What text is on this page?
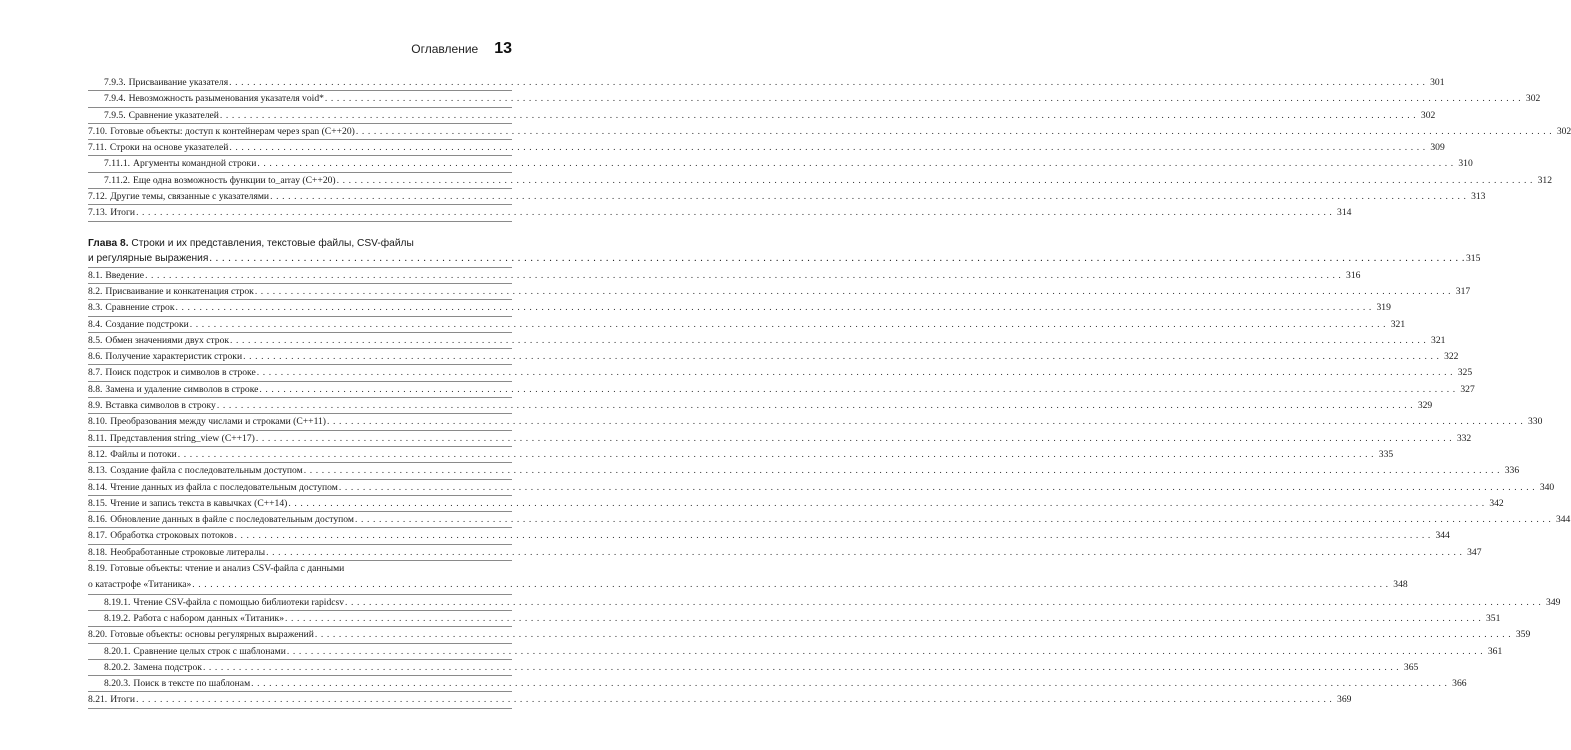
Оглавление 13
7.9.3. Присваивание указателя . . . . . . . . . . . . . . . . . . . . . . . . . . . . . . . . . . . . . . . . . . . . . . . . . . . . . . . . . . . . . . . . . . . . . . . . . . . . . . . . . . . . . . . . . . . . . . . . . . . . . . . . . . . . . . . . . . . . . . . . . . . . . . . . . . . . . . . . . . . . . . . . . . . . . . . . . . . . . . . . . . . . . . . . . . . . . . . . . . . . . . . . . . . . . . . . . . . . . . . . 301
7.9.4. Невозможность разыменования указателя void* . . . . . . . . . . . . . . . . . . . . . . . . . . . . . . . . . . . . . . . . . . . . . . . . . . . . . . . . . . . . . . . . . . . . . . . . . . . . . . . . . . . . . . . . . . . . . . . . . . . . . . . . . . . . . . . . . . . . . . . . . . . . . . . . . . . . . . . . . . . . . . . . . . . . . . . . . . . . . . . . . . . . . . . . . . . . . . . . . . . . . . . . . . . . . . . . . . . . . . . . 302
7.9.5. Сравнение указателей . . . . . . . . . . . . . . . . . . . . . . . . . . . . . . . . . . . . . . . . . . . . . . . . . . . . . . . . . . . . . . . . . . . . . . . . . . . . . . . . . . . . . . . . . . . . . . . . . . . . . . . . . . . . . . . . . . . . . . . . . . . . . . . . . . . . . . . . . . . . . . . . . . . . . . . . . . . . . . . . . . . . . . . . . . . . . . . . . . . . . . . . . . . . . . . . . . . . . . . . 302
7.10. Готовые объекты: доступ к контейнерам через span (C++20) . . . . . . . . . . . . . . . . . . . . . . . . . . . . . . . . . . . . . . . . . . . . . . . . . . . . . . . . . . . . . . . . . . . . . . . . . . . . . . . . . . . . . . . . . . . . . . . . . . . . . . . . . . . . . . . . . . . . . . . . . . . . . . . . . . . . . . . . . . . . . . . . . . . . . . . . . . . . . . . . . . . . . . . . . . . . . . . . . . . . . . . . . . . . . . . . . . . . . . . . 302
7.11. Строки на основе указателей . . . . . . . . . . . . . . . . . . . . . . . . . . . . . . . . . . . . . . . . . . . . . . . . . . . . . . . . . . . . . . . . . . . . . . . . . . . . . . . . . . . . . . . . . . . . . . . . . . . . . . . . . . . . . . . . . . . . . . . . . . . . . . . . . . . . . . . . . . . . . . . . . . . . . . . . . . . . . . . . . . . . . . . . . . . . . . . . . . . . . . . . . . . . . . . . . . . . . . . . 309
7.11.1. Аргументы командной строки . . . . . . . . . . . . . . . . . . . . . . . . . . . . . . . . . . . . . . . . . . . . . . . . . . . . . . . . . . . . . . . . . . . . . . . . . . . . . . . . . . . . . . . . . . . . . . . . . . . . . . . . . . . . . . . . . . . . . . . . . . . . . . . . . . . . . . . . . . . . . . . . . . . . . . . . . . . . . . . . . . . . . . . . . . . . . . . . . . . . . . . . . . . . . . . . . . . . . . . . 310
7.11.2. Еще одна возможность функции to_array (C++20) . . . . . . . . . . . . . . . . . . . . . . . . . . . . . . . . . . . . . . . . . . . . . . . . . . . . . . . . . . . . . . . . . . . . . . . . . . . . . . . . . . . . . . . . . . . . . . . . . . . . . . . . . . . . . . . . . . . . . . . . . . . . . . . . . . . . . . . . . . . . . . . . . . . . . . . . . . . . . . . . . . . . . . . . . . . . . . . . . . . . . . . . . . . . . . . . . . . . . . . . 312
7.12. Другие темы, связанные с указателями . . . . . . . . . . . . . . . . . . . . . . . . . . . . . . . . . . . . . . . . . . . . . . . . . . . . . . . . . . . . . . . . . . . . . . . . . . . . . . . . . . . . . . . . . . . . . . . . . . . . . . . . . . . . . . . . . . . . . . . . . . . . . . . . . . . . . . . . . . . . . . . . . . . . . . . . . . . . . . . . . . . . . . . . . . . . . . . . . . . . . . . . . . . . . . . . . . . . . . . . 313
7.13. Итоги . . . . . . . . . . . . . . . . . . . . . . . . . . . . . . . . . . . . . . . . . . . . . . . . . . . . . . . . . . . . . . . . . . . . . . . . . . . . . . . . . . . . . . . . . . . . . . . . . . . . . . . . . . . . . . . . . . . . . . . . . . . . . . . . . . . . . . . . . . . . . . . . . . . . . . . . . . . . . . . . . . . . . . . . . . . . . . . . . . . . . . . . . . . . . . . . . . . . . . . . 314
Глава 8. Строки и их представления, текстовые файлы, CSV-файлы
и регулярные выражения . . . . . . . . . . . . . . . . . . . . . . . . . . . . . . . . . . . . . . . . . . . . . . . . . . . . . . . . . . . . . . . . . . . . . . . . . . . . . . . . . . . . . . . . . . . . . . . . . . . . . . . . . . . . . . . . . . . . . . . . . . . . . . . . . . . . . . . . . . . . . . . . . . . . . . . . . . . . . . . . . . . . . . . . . . . . . . . . . . . . . . . . . . . . . . . . . . . . . . . . 315
8.1. Введение . . . . . . . . . . . . . . . . . . . . . . . . . . . . . . . . . . . . . . . . . . . . . . . . . . . . . . . . . . . . . . . . . . . . . . . . . . . . . . . . . . . . . . . . . . . . . . . . . . . . . . . . . . . . . . . . . . . . . . . . . . . . . . . . . . . . . . . . . . . . . . . . . . . . . . . . . . . . . . . . . . . . . . . . . . . . . . . . . . . . . . . . . . . . . . . . . . . . . . . . 316
8.2. Присваивание и конкатенация строк . . . . . . . . . . . . . . . . . . . . . . . . . . . . . . . . . . . . . . . . . . . . . . . . . . . . . . . . . . . . . . . . . . . . . . . . . . . . . . . . . . . . . . . . . . . . . . . . . . . . . . . . . . . . . . . . . . . . . . . . . . . . . . . . . . . . . . . . . . . . . . . . . . . . . . . . . . . . . . . . . . . . . . . . . . . . . . . . . . . . . . . . . . . . . . . . . . . . . . . . 317
8.3. Сравнение строк . . . . . . . . . . . . . . . . . . . . . . . . . . . . . . . . . . . . . . . . . . . . . . . . . . . . . . . . . . . . . . . . . . . . . . . . . . . . . . . . . . . . . . . . . . . . . . . . . . . . . . . . . . . . . . . . . . . . . . . . . . . . . . . . . . . . . . . . . . . . . . . . . . . . . . . . . . . . . . . . . . . . . . . . . . . . . . . . . . . . . . . . . . . . . . . . . . . . . . . . 319
8.4. Создание подстроки . . . . . . . . . . . . . . . . . . . . . . . . . . . . . . . . . . . . . . . . . . . . . . . . . . . . . . . . . . . . . . . . . . . . . . . . . . . . . . . . . . . . . . . . . . . . . . . . . . . . . . . . . . . . . . . . . . . . . . . . . . . . . . . . . . . . . . . . . . . . . . . . . . . . . . . . . . . . . . . . . . . . . . . . . . . . . . . . . . . . . . . . . . . . . . . . . . . . . . . . 321
8.5. Обмен значениями двух строк . . . . . . . . . . . . . . . . . . . . . . . . . . . . . . . . . . . . . . . . . . . . . . . . . . . . . . . . . . . . . . . . . . . . . . . . . . . . . . . . . . . . . . . . . . . . . . . . . . . . . . . . . . . . . . . . . . . . . . . . . . . . . . . . . . . . . . . . . . . . . . . . . . . . . . . . . . . . . . . . . . . . . . . . . . . . . . . . . . . . . . . . . . . . . . . . . . . . . . . . 321
8.6. Получение характеристик строки . . . . . . . . . . . . . . . . . . . . . . . . . . . . . . . . . . . . . . . . . . . . . . . . . . . . . . . . . . . . . . . . . . . . . . . . . . . . . . . . . . . . . . . . . . . . . . . . . . . . . . . . . . . . . . . . . . . . . . . . . . . . . . . . . . . . . . . . . . . . . . . . . . . . . . . . . . . . . . . . . . . . . . . . . . . . . . . . . . . . . . . . . . . . . . . . . . . . . . . . 322
8.7. Поиск подстрок и символов в строке . . . . . . . . . . . . . . . . . . . . . . . . . . . . . . . . . . . . . . . . . . . . . . . . . . . . . . . . . . . . . . . . . . . . . . . . . . . . . . . . . . . . . . . . . . . . . . . . . . . . . . . . . . . . . . . . . . . . . . . . . . . . . . . . . . . . . . . . . . . . . . . . . . . . . . . . . . . . . . . . . . . . . . . . . . . . . . . . . . . . . . . . . . . . . . . . . . . . . . . . 325
8.8. Замена и удаление символов в строке . . . . . . . . . . . . . . . . . . . . . . . . . . . . . . . . . . . . . . . . . . . . . . . . . . . . . . . . . . . . . . . . . . . . . . . . . . . . . . . . . . . . . . . . . . . . . . . . . . . . . . . . . . . . . . . . . . . . . . . . . . . . . . . . . . . . . . . . . . . . . . . . . . . . . . . . . . . . . . . . . . . . . . . . . . . . . . . . . . . . . . . . . . . . . . . . . . . . . . . . 327
8.9. Вставка символов в строку . . . . . . . . . . . . . . . . . . . . . . . . . . . . . . . . . . . . . . . . . . . . . . . . . . . . . . . . . . . . . . . . . . . . . . . . . . . . . . . . . . . . . . . . . . . . . . . . . . . . . . . . . . . . . . . . . . . . . . . . . . . . . . . . . . . . . . . . . . . . . . . . . . . . . . . . . . . . . . . . . . . . . . . . . . . . . . . . . . . . . . . . . . . . . . . . . . . . . . . . 329
8.10. Преобразования между числами и строками (C++11) . . . . . . . . . . . . . . . . . . . . . . . . . . . . . . . . . . . . . . . . . . . . . . . . . . . . . . . . . . . . . . . . . . . . . . . . . . . . . . . . . . . . . . . . . . . . . . . . . . . . . . . . . . . . . . . . . . . . . . . . . . . . . . . . . . . . . . . . . . . . . . . . . . . . . . . . . . . . . . . . . . . . . . . . . . . . . . . . . . . . . . . . . . . . . . . . . . . . . . . . 330
8.11. Представления string_view (C++17) . . . . . . . . . . . . . . . . . . . . . . . . . . . . . . . . . . . . . . . . . . . . . . . . . . . . . . . . . . . . . . . . . . . . . . . . . . . . . . . . . . . . . . . . . . . . . . . . . . . . . . . . . . . . . . . . . . . . . . . . . . . . . . . . . . . . . . . . . . . . . . . . . . . . . . . . . . . . . . . . . . . . . . . . . . . . . . . . . . . . . . . . . . . . . . . . . . . . . . . . 332
8.12. Файлы и потоки . . . . . . . . . . . . . . . . . . . . . . . . . . . . . . . . . . . . . . . . . . . . . . . . . . . . . . . . . . . . . . . . . . . . . . . . . . . . . . . . . . . . . . . . . . . . . . . . . . . . . . . . . . . . . . . . . . . . . . . . . . . . . . . . . . . . . . . . . . . . . . . . . . . . . . . . . . . . . . . . . . . . . . . . . . . . . . . . . . . . . . . . . . . . . . . . . . . . . . . . 335
8.13. Создание файла с последовательным доступом . . . . . . . . . . . . . . . . . . . . . . . . . . . . . . . . . . . . . . . . . . . . . . . . . . . . . . . . . . . . . . . . . . . . . . . . . . . . . . . . . . . . . . . . . . . . . . . . . . . . . . . . . . . . . . . . . . . . . . . . . . . . . . . . . . . . . . . . . . . . . . . . . . . . . . . . . . . . . . . . . . . . . . . . . . . . . . . . . . . . . . . . . . . . . . . . . . . . . . . . 336
8.14. Чтение данных из файла с последовательным доступом . . . . . . . . . . . . . . . . . . . . . . . . . . . . . . . . . . . . . . . . . . . . . . . . . . . . . . . . . . . . . . . . . . . . . . . . . . . . . . . . . . . . . . . . . . . . . . . . . . . . . . . . . . . . . . . . . . . . . . . . . . . . . . . . . . . . . . . . . . . . . . . . . . . . . . . . . . . . . . . . . . . . . . . . . . . . . . . . . . . . . . . . . . . . . . . . . . . . . . . . 340
8.15. Чтение и запись текста в кавычках (C++14) . . . . . . . . . . . . . . . . . . . . . . . . . . . . . . . . . . . . . . . . . . . . . . . . . . . . . . . . . . . . . . . . . . . . . . . . . . . . . . . . . . . . . . . . . . . . . . . . . . . . . . . . . . . . . . . . . . . . . . . . . . . . . . . . . . . . . . . . . . . . . . . . . . . . . . . . . . . . . . . . . . . . . . . . . . . . . . . . . . . . . . . . . . . . . . . . . . . . . . . . 342
8.16. Обновление данных в файле с последовательным доступом . . . . . . . . . . . . . . . . . . . . . . . . . . . . . . . . . . . . . . . . . . . . . . . . . . . . . . . . . . . . . . . . . . . . . . . . . . . . . . . . . . . . . . . . . . . . . . . . . . . . . . . . . . . . . . . . . . . . . . . . . . . . . . . . . . . . . . . . . . . . . . . . . . . . . . . . . . . . . . . . . . . . . . . . . . . . . . . . . . . . . . . . . . . . . . . . . . . . . . . . 344
8.17. Обработка строковых потоков . . . . . . . . . . . . . . . . . . . . . . . . . . . . . . . . . . . . . . . . . . . . . . . . . . . . . . . . . . . . . . . . . . . . . . . . . . . . . . . . . . . . . . . . . . . . . . . . . . . . . . . . . . . . . . . . . . . . . . . . . . . . . . . . . . . . . . . . . . . . . . . . . . . . . . . . . . . . . . . . . . . . . . . . . . . . . . . . . . . . . . . . . . . . . . . . . . . . . . . . 344
8.18. Необработанные строковые литералы . . . . . . . . . . . . . . . . . . . . . . . . . . . . . . . . . . . . . . . . . . . . . . . . . . . . . . . . . . . . . . . . . . . . . . . . . . . . . . . . . . . . . . . . . . . . . . . . . . . . . . . . . . . . . . . . . . . . . . . . . . . . . . . . . . . . . . . . . . . . . . . . . . . . . . . . . . . . . . . . . . . . . . . . . . . . . . . . . . . . . . . . . . . . . . . . . . . . . . . . 347
8.19. Готовые объекты: чтение и анализ CSV-файла с данными
о катастрофе «Титаника» . . . . . . . . . . . . . . . . . . . . . . . . . . . . . . . . . . . . . . . . . . . . . . . . . . . . . . . . . . . . . . . . . . . . . . . . . . . . . . . . . . . . . . . . . . . . . . . . . . . . . . . . . . . . . . . . . . . . . . . . . . . . . . . . . . . . . . . . . . . . . . . . . . . . . . . . . . . . . . . . . . . . . . . . . . . . . . . . . . . . . . . . . . . . . . . . . . . . . . . . 348
8.19.1. Чтение CSV-файла с помощью библиотеки rapidcsv . . . . . . . . . . . . . . . . . . . . . . . . . . . . . . . . . . . . . . . . . . . . . . . . . . . . . . . . . . . . . . . . . . . . . . . . . . . . . . . . . . . . . . . . . . . . . . . . . . . . . . . . . . . . . . . . . . . . . . . . . . . . . . . . . . . . . . . . . . . . . . . . . . . . . . . . . . . . . . . . . . . . . . . . . . . . . . . . . . . . . . . . . . . . . . . . . . . . . . . . 349
8.19.2. Работа с набором данных «Титаник» . . . . . . . . . . . . . . . . . . . . . . . . . . . . . . . . . . . . . . . . . . . . . . . . . . . . . . . . . . . . . . . . . . . . . . . . . . . . . . . . . . . . . . . . . . . . . . . . . . . . . . . . . . . . . . . . . . . . . . . . . . . . . . . . . . . . . . . . . . . . . . . . . . . . . . . . . . . . . . . . . . . . . . . . . . . . . . . . . . . . . . . . . . . . . . . . . . . . . . . . 351
8.20. Готовые объекты: основы регулярных выражений . . . . . . . . . . . . . . . . . . . . . . . . . . . . . . . . . . . . . . . . . . . . . . . . . . . . . . . . . . . . . . . . . . . . . . . . . . . . . . . . . . . . . . . . . . . . . . . . . . . . . . . . . . . . . . . . . . . . . . . . . . . . . . . . . . . . . . . . . . . . . . . . . . . . . . . . . . . . . . . . . . . . . . . . . . . . . . . . . . . . . . . . . . . . . . . . . . . . . . . . 359
8.20.1. Сравнение целых строк с шаблонами . . . . . . . . . . . . . . . . . . . . . . . . . . . . . . . . . . . . . . . . . . . . . . . . . . . . . . . . . . . . . . . . . . . . . . . . . . . . . . . . . . . . . . . . . . . . . . . . . . . . . . . . . . . . . . . . . . . . . . . . . . . . . . . . . . . . . . . . . . . . . . . . . . . . . . . . . . . . . . . . . . . . . . . . . . . . . . . . . . . . . . . . . . . . . . . . . . . . . . . . 361
8.20.2. Замена подстрок . . . . . . . . . . . . . . . . . . . . . . . . . . . . . . . . . . . . . . . . . . . . . . . . . . . . . . . . . . . . . . . . . . . . . . . . . . . . . . . . . . . . . . . . . . . . . . . . . . . . . . . . . . . . . . . . . . . . . . . . . . . . . . . . . . . . . . . . . . . . . . . . . . . . . . . . . . . . . . . . . . . . . . . . . . . . . . . . . . . . . . . . . . . . . . . . . . . . . . . . 365
8.20.3. Поиск в тексте по шаблонам . . . . . . . . . . . . . . . . . . . . . . . . . . . . . . . . . . . . . . . . . . . . . . . . . . . . . . . . . . . . . . . . . . . . . . . . . . . . . . . . . . . . . . . . . . . . . . . . . . . . . . . . . . . . . . . . . . . . . . . . . . . . . . . . . . . . . . . . . . . . . . . . . . . . . . . . . . . . . . . . . . . . . . . . . . . . . . . . . . . . . . . . . . . . . . . . . . . . . . . . 366
8.21. Итоги . . . . . . . . . . . . . . . . . . . . . . . . . . . . . . . . . . . . . . . . . . . . . . . . . . . . . . . . . . . . . . . . . . . . . . . . . . . . . . . . . . . . . . . . . . . . . . . . . . . . . . . . . . . . . . . . . . . . . . . . . . . . . . . . . . . . . . . . . . . . . . . . . . . . . . . . . . . . . . . . . . . . . . . . . . . . . . . . . . . . . . . . . . . . . . . . . . . . . . . . 369
